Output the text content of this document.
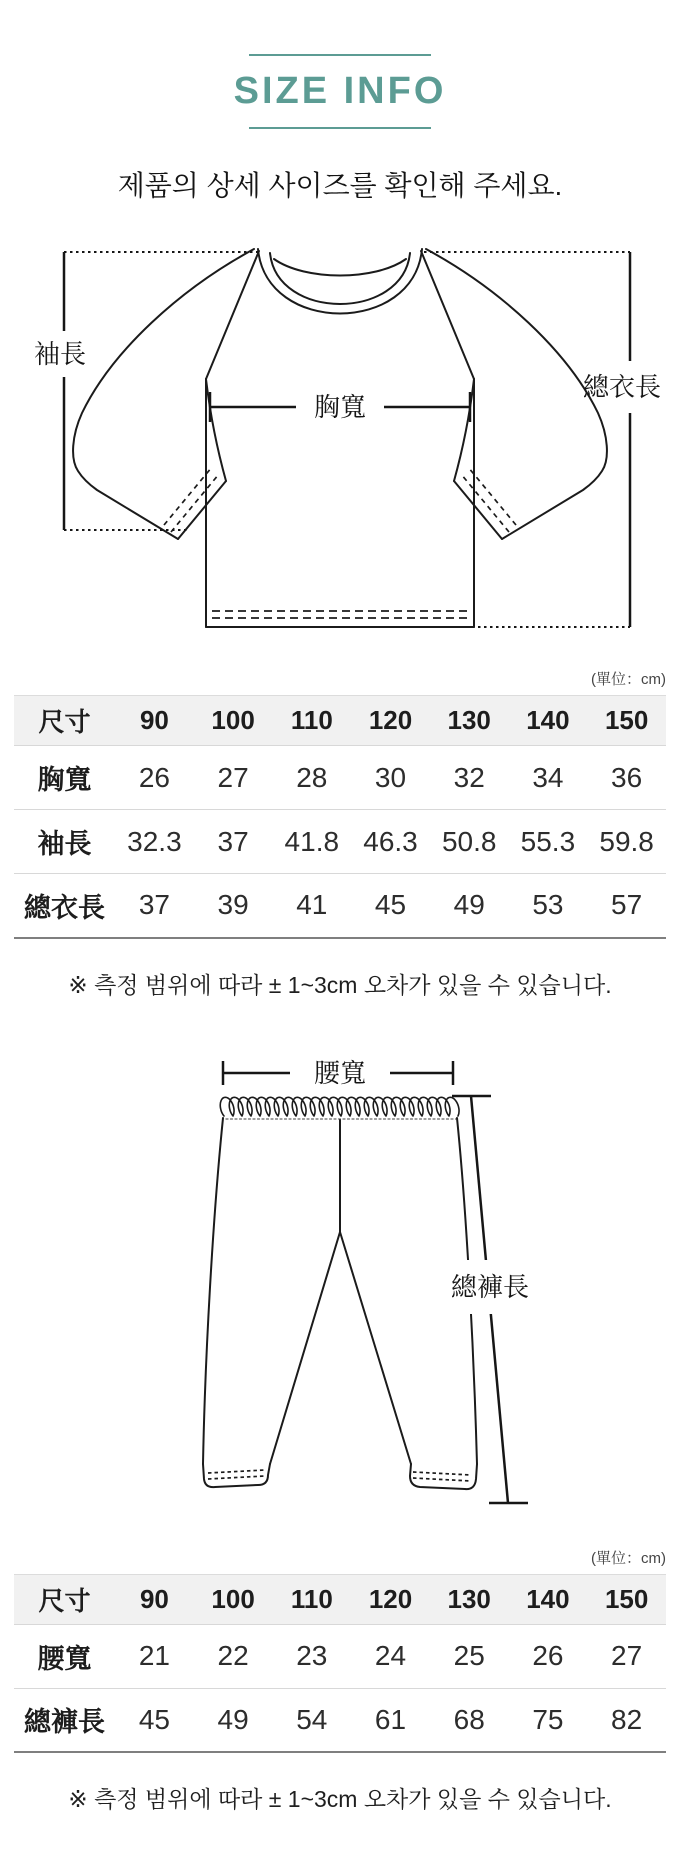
SIZE INFO

제품의 상세 사이즈를 확인해 주세요.

袖長
胸寬
總衣長
(單位：cm)
尺寸	90	100	110	120	130	140	150
胸寬	26	27	28	30	32	34	36
袖長	32.3	37	41.8	46.3	50.8	55.3	59.8
總衣長	37	39	41	45	49	53	57

※ 측정 범위에 따라 ± 1~3cm 오차가 있을 수 있습니다.

腰寬
總褲長
(單位：cm)
尺寸	90	100	110	120	130	140	150
腰寬	21	22	23	24	25	26	27
總褲長	45	49	54	61	68	75	82

※ 측정 범위에 따라 ± 1~3cm 오차가 있을 수 있습니다.
